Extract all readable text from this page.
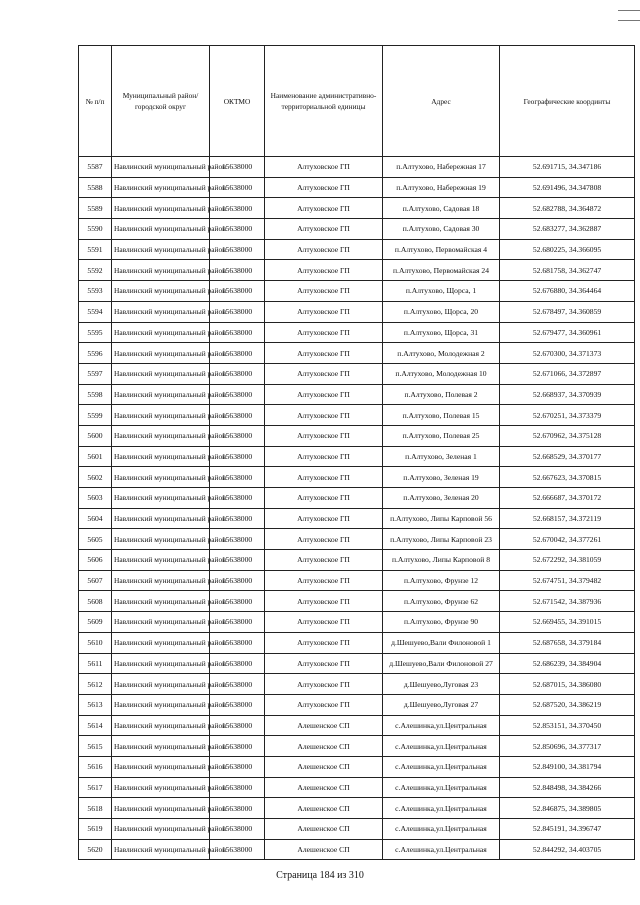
№ п/п	Муниципальный район/городской округ	ОКТМО	Наименование административно-территориальной единицы	Адрес	Географические координты
5587	Навлинский муниципальный район	15638000	Алтуховское ГП	п.Алтухово, Набережная 17	52.691715, 34.347186
5588	Навлинский муниципальный район	15638000	Алтуховское ГП	п.Алтухово, Набережная 19	52.691496, 34.347808
5589	Навлинский муниципальный район	15638000	Алтуховское ГП	п.Алтухово, Садовая 18	52.682788, 34.364872
5590	Навлинский муниципальный район	15638000	Алтуховское ГП	п.Алтухово, Садовая 30	52.683277, 34.362887
5591	Навлинский муниципальный район	15638000	Алтуховское ГП	п.Алтухово, Первомайская 4	52.680225, 34.366095
5592	Навлинский муниципальный район	15638000	Алтуховское ГП	п.Алтухово, Первомайская 24	52.681758, 34.362747
5593	Навлинский муниципальный район	15638000	Алтуховское ГП	п.Алтухово, Щорса, 1	52.676880, 34.364464
5594	Навлинский муниципальный район	15638000	Алтуховское ГП	п.Алтухово, Щорса, 20	52.678497, 34.360859
5595	Навлинский муниципальный район	15638000	Алтуховское ГП	п.Алтухово, Щорса, 31	52.679477, 34.360961
5596	Навлинский муниципальный район	15638000	Алтуховское ГП	п.Алтухово, Молодежная 2	52.670300, 34.371373
5597	Навлинский муниципальный район	15638000	Алтуховское ГП	п.Алтухово, Молодежная 10	52.671066, 34.372897
5598	Навлинский муниципальный район	15638000	Алтуховское ГП	п.Алтухово, Полевая 2	52.668937, 34.370939
5599	Навлинский муниципальный район	15638000	Алтуховское ГП	п.Алтухово, Полевая 15	52.670251, 34.373379
5600	Навлинский муниципальный район	15638000	Алтуховское ГП	п.Алтухово, Полевая 25	52.670962, 34.375128
5601	Навлинский муниципальный район	15638000	Алтуховское ГП	п.Алтухово, Зеленая 1	52.668529, 34.370177
5602	Навлинский муниципальный район	15638000	Алтуховское ГП	п.Алтухово, Зеленая 19	52.667623, 34.370815
5603	Навлинский муниципальный район	15638000	Алтуховское ГП	п.Алтухово, Зеленая 20	52.666687, 34.370172
5604	Навлинский муниципальный район	15638000	Алтуховское ГП	п.Алтухово, Липы Карповой 56	52.668157, 34.372119
5605	Навлинский муниципальный район	15638000	Алтуховское ГП	п.Алтухово, Липы Карповой 23	52.670042, 34.377261
5606	Навлинский муниципальный район	15638000	Алтуховское ГП	п.Алтухово, Липы Карповой 8	52.672292, 34.381059
5607	Навлинский муниципальный район	15638000	Алтуховское ГП	п.Алтухово, Фрунзе 12	52.674751, 34.379482
5608	Навлинский муниципальный район	15638000	Алтуховское ГП	п.Алтухово, Фрунзе 62	52.671542, 34.387936
5609	Навлинский муниципальный район	15638000	Алтуховское ГП	п.Алтухово, Фрунзе 90	52.669455, 34.391015
5610	Навлинский муниципальный район	15638000	Алтуховское ГП	д.Шешуево,Вали Филоновой 1	52.687658, 34.379184
5611	Навлинский муниципальный район	15638000	Алтуховское ГП	д.Шешуево,Вали Филоновой 27	52.686239, 34.384904
5612	Навлинский муниципальный район	15638000	Алтуховское ГП	д.Шешуево,Луговая 23	52.687015, 34.386080
5613	Навлинский муниципальный район	15638000	Алтуховское ГП	д.Шешуево,Луговая 27	52.687520, 34.386219
5614	Навлинский муниципальный район	15638000	Алешенское СП	с.Алешинка,ул.Центральная	52.853151, 34.370450
5615	Навлинский муниципальный район	15638000	Алешенское СП	с.Алешинка,ул.Центральная	52.850696, 34.377317
5616	Навлинский муниципальный район	15638000	Алешенское СП	с.Алешинка,ул.Центральная	52.849100, 34.381794
5617	Навлинский муниципальный район	15638000	Алешенское СП	с.Алешинка,ул.Центральная	52.848498, 34.384266
5618	Навлинский муниципальный район	15638000	Алешенское СП	с.Алешинка,ул.Центральная	52.846875, 34.389805
5619	Навлинский муниципальный район	15638000	Алешенское СП	с.Алешинка,ул.Центральная	52.845191, 34.396747
5620	Навлинский муниципальный район	15638000	Алешенское СП	с.Алешинка,ул.Центральная	52.844292, 34.403705
Страница 184 из 310
